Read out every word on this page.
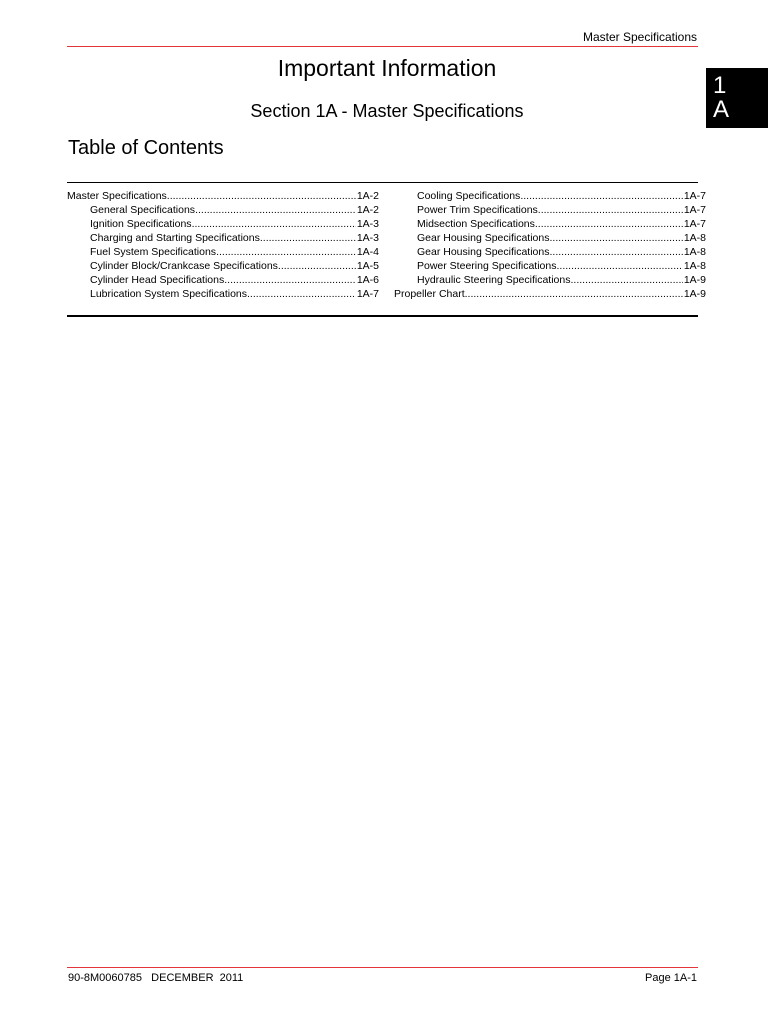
Master Specifications
1
A
Important Information
Section 1A - Master Specifications
Table of Contents
Master Specifications .....	1A-2
General Specifications .....	1A-2
Ignition Specifications .....	1A-3
Charging and Starting Specifications .....	1A-3
Fuel System Specifications .....	1A-4
Cylinder Block/Crankcase Specifications .....	1A-5
Cylinder Head Specifications .....	1A-6
Lubrication System Specifications .....	1A-7
Cooling Specifications .....	1A-7
Power Trim Specifications .....	1A-7
Midsection Specifications .....	1A-7
Gear Housing Specifications .....	1A-8
Gear Housing Specifications .....	1A-8
Power Steering Specifications .....	1A-8
Hydraulic Steering Specifications .....	1A-9
Propeller Chart .....	1A-9
90-8M0060785   DECEMBER  2011	Page 1A-1
